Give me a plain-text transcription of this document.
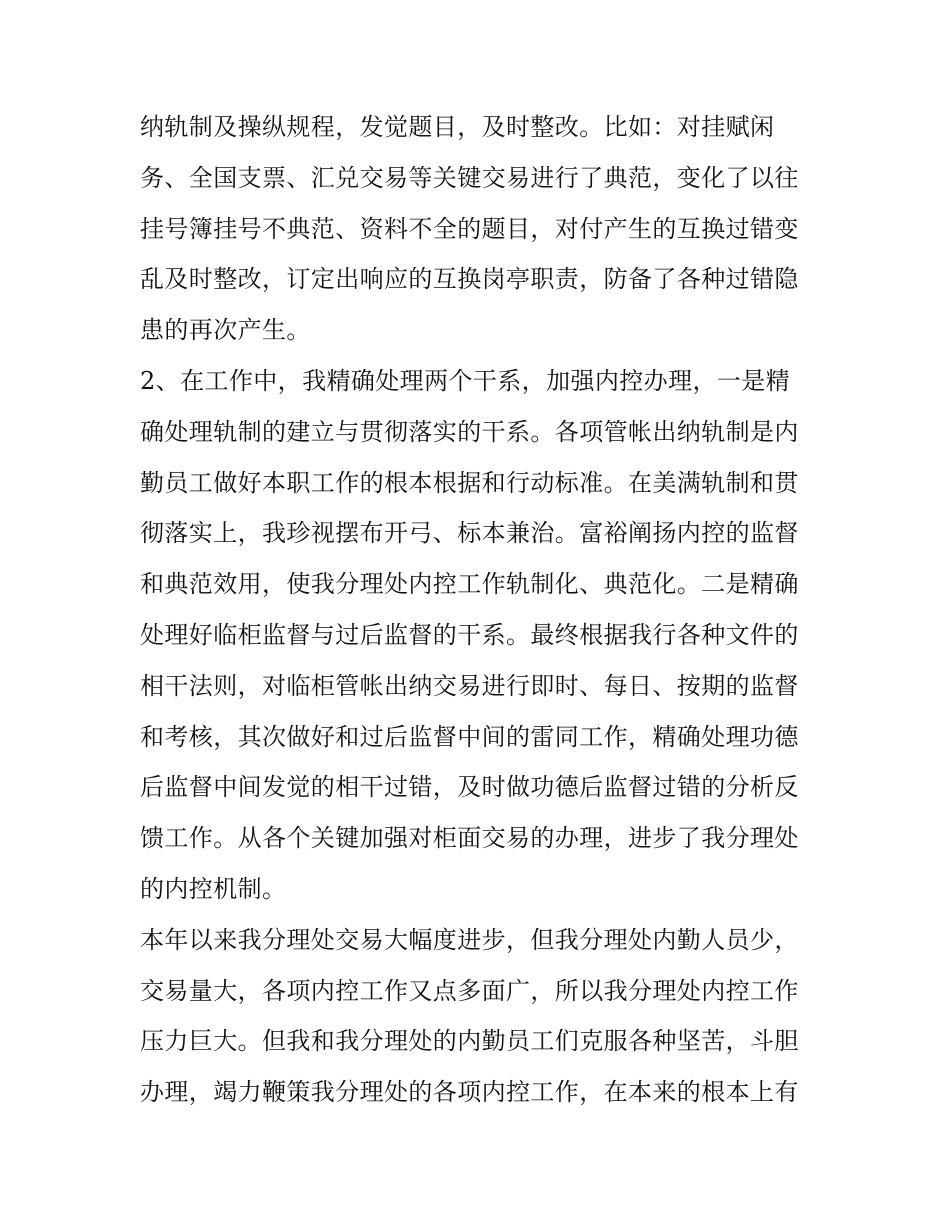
纳轨制及操纵规程，发觉题目，及时整改。比如：对挂赋闲
务、全国支票、汇兑交易等关键交易进行了典范，变化了以往
挂号簿挂号不典范、资料不全的题目，对付产生的互换过错变
乱及时整改，订定出响应的互换岗亭职责，防备了各种过错隐
患的再次产生。
2、在工作中，我精确处理两个干系，加强内控办理，一是精
确处理轨制的建立与贯彻落实的干系。各项管帐出纳轨制是内
勤员工做好本职工作的根本根据和行动标准。在美满轨制和贯
彻落实上，我珍视摆布开弓、标本兼治。富裕阐扬内控的监督
和典范效用，使我分理处内控工作轨制化、典范化。二是精确
处理好临柜监督与过后监督的干系。最终根据我行各种文件的
相干法则，对临柜管帐出纳交易进行即时、每日、按期的监督
和考核，其次做好和过后监督中间的雷同工作，精确处理功德
后监督中间发觉的相干过错，及时做功德后监督过错的分析反
馈工作。从各个关键加强对柜面交易的办理，进步了我分理处
的内控机制。
本年以来我分理处交易大幅度进步，但我分理处内勤人员少，
交易量大，各项内控工作又点多面广，所以我分理处内控工作
压力巨大。但我和我分理处的内勤员工们克服各种坚苦，斗胆
办理，竭力鞭策我分理处的各项内控工作，在本来的根本上有
